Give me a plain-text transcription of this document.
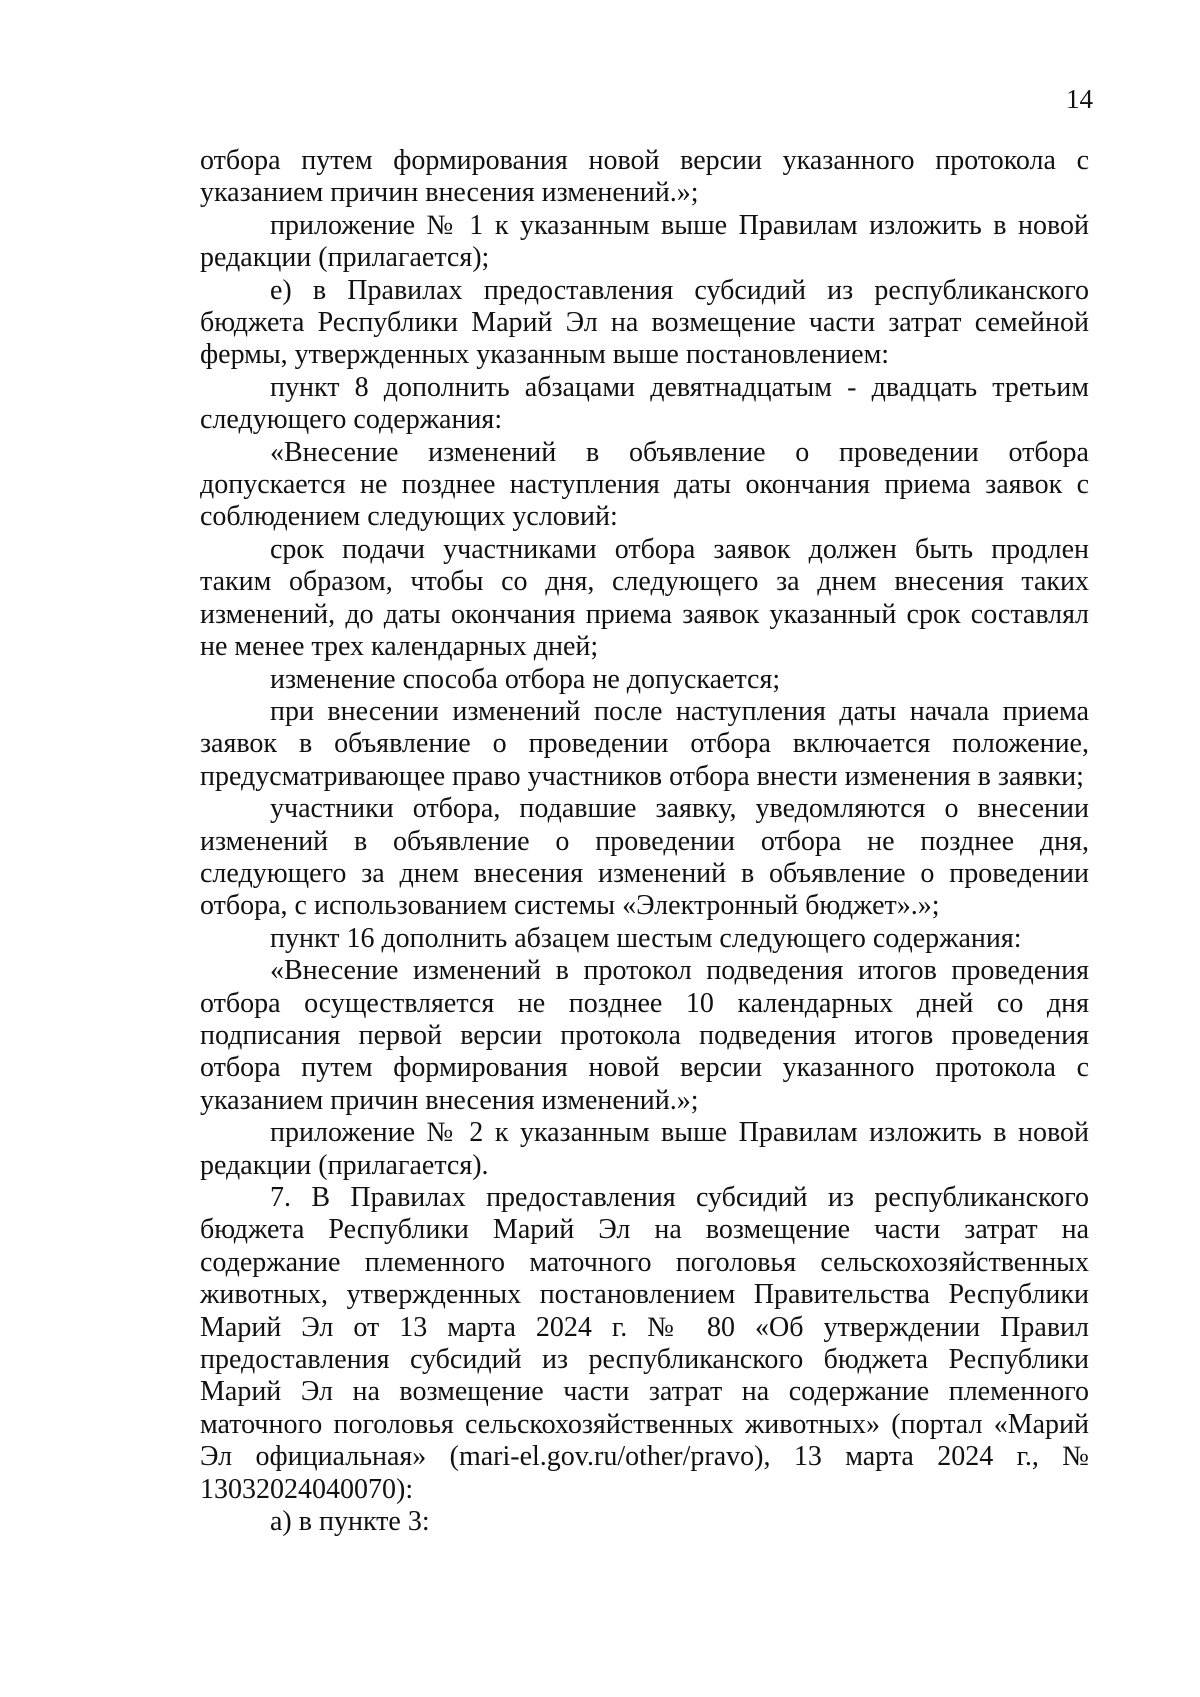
14

отбора путем формирования новой версии указанного протокола с указанием причин внесения изменений.»;

приложение № 1 к указанным выше Правилам изложить в новой редакции (прилагается);

е) в Правилах предоставления субсидий из республиканского бюджета Республики Марий Эл на возмещение части затрат семейной фермы, утвержденных указанным выше постановлением:

пункт 8 дополнить абзацами девятнадцатым - двадцать третьим следующего содержания:

«Внесение изменений в объявление о проведении отбора допускается не позднее наступления даты окончания приема заявок с соблюдением следующих условий:

срок подачи участниками отбора заявок должен быть продлен таким образом, чтобы со дня, следующего за днем внесения таких изменений, до даты окончания приема заявок указанный срок составлял не менее трех календарных дней;

изменение способа отбора не допускается;

при внесении изменений после наступления даты начала приема заявок в объявление о проведении отбора включается положение, предусматривающее право участников отбора внести изменения в заявки;

участники отбора, подавшие заявку, уведомляются о внесении изменений в объявление о проведении отбора не позднее дня, следующего за днем внесения изменений в объявление о проведении отбора, с использованием системы «Электронный бюджет».»;

пункт 16 дополнить абзацем шестым следующего содержания:

«Внесение изменений в протокол подведения итогов проведения отбора осуществляется не позднее 10 календарных дней со дня подписания первой версии протокола подведения итогов проведения отбора путем формирования новой версии указанного протокола с указанием причин внесения изменений.»;

приложение № 2 к указанным выше Правилам изложить в новой редакции (прилагается).

7. В Правилах предоставления субсидий из республиканского бюджета Республики Марий Эл на возмещение части затрат на содержание племенного маточного поголовья сельскохозяйственных животных, утвержденных постановлением Правительства Республики Марий Эл от 13 марта 2024 г. № 80 «Об утверждении Правил предоставления субсидий из республиканского бюджета Республики Марий Эл на возмещение части затрат на содержание племенного маточного поголовья сельскохозяйственных животных» (портал «Марий Эл официальная» (mari-el.gov.ru/other/pravo), 13 марта 2024 г., № 13032024040070):

а) в пункте 3:
